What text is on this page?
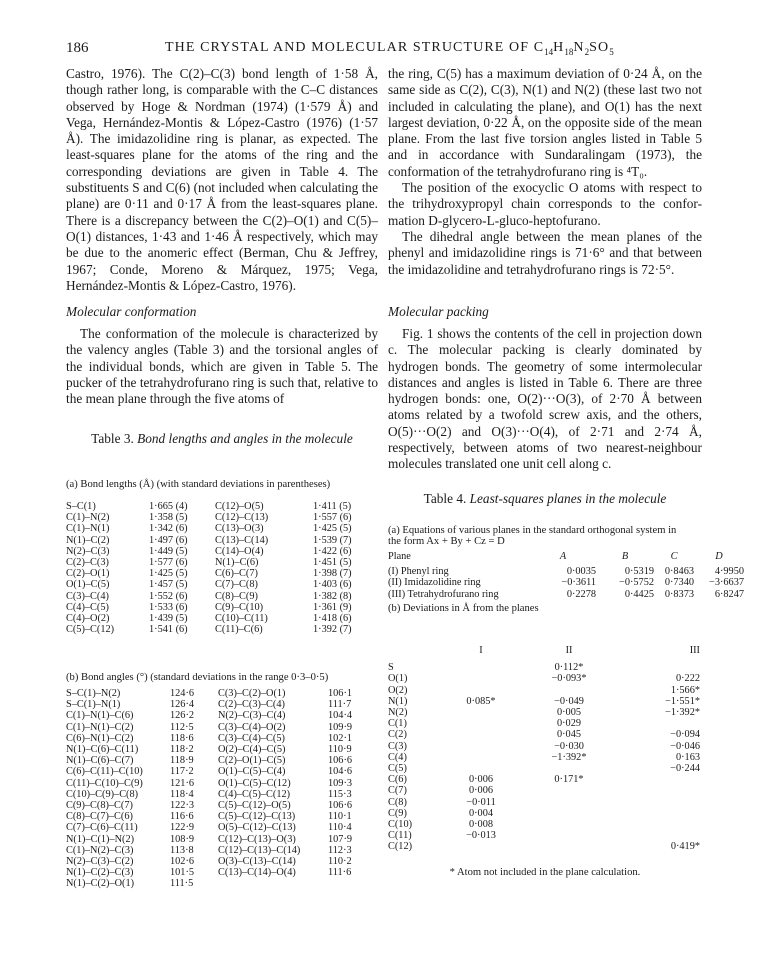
186	THE CRYSTAL AND MOLECULAR STRUCTURE OF $C_{14}H_{18}N_2SO_5$

Castro, 1976). The C(2)–C(3) bond length of 1·58 Å, though rather long, is comparable with the C–C distances observed by Hoge & Nordman (1974) (1·579 Å) and Vega, Hernández-Montis & López-Castro (1976) (1·57 Å). The imidazolidine ring is planar, as expected. The least-squares plane for the atoms of the ring and the corresponding deviations are given in Table 4. The substituents S and C(6) (not included when calculating the plane) are 0·11 and 0·17 Å from the least-squares plane. There is a discrepancy between the C(2)–O(1) and C(5)–O(1) distances, 1·43 and 1·46 Å respectively, which may be due to the anomeric effect (Berman, Chu & Jeffrey, 1967; Conde, Moreno & Márquez, 1975; Vega, Hernández-Montis & López-Castro, 1976).

the ring, C(5) has a maximum deviation of 0·24 Å, on the same side as C(2), C(3), N(1) and N(2) (these last two not included in calculating the plane), and O(1) has the next largest deviation, 0·22 Å, on the opposite side of the mean plane. From the last five torsion angles listed in Table 5 and in accordance with Sundaralingam (1973), the conformation of the tetrahydrofurano ring is ⁴T₀.

The position of the exocyclic O atoms with respect to the trihydroxypropyl chain corresponds to the confor-mation D-glycero-L-gluco-heptofurano.

The dihedral angle between the mean planes of the phenyl and imidazolidine rings is 71·6° and that between the imidazolidine and tetrahydrofurano rings is 72·5°.

Molecular conformation

The conformation of the molecule is characterized by the valency angles (Table 3) and the torsional angles of the individual bonds, which are given in Table 5. The pucker of the tetrahydrofurano ring is such that, relative to the mean plane through the five atoms of

Molecular packing

Fig. 1 shows the contents of the cell in projection down c. The molecular packing is clearly dominated by hydrogen bonds. The geometry of some intermolecular distances and angles is listed in Table 6. There are three hydrogen bonds: one, O(2)···O(3), of 2·70 Å between atoms related by a twofold screw axis, and the others, O(5)···O(2) and O(3)···O(4), of 2·71 and 2·74 Å, respectively, between atoms of two nearest-neighbour molecules translated one unit cell along c.

Table 3. Bond lengths and angles in the molecule
(a) Bond lengths (Å) (with standard deviations in parentheses)
S–C(1)	1·665 (4)	C(12)–O(5)	1·411 (5)
C(1)–N(2)	1·358 (5)	C(12)–C(13)	1·557 (6)
C(1)–N(1)	1·342 (6)	C(13)–O(3)	1·425 (5)
N(1)–C(2)	1·497 (6)	C(13)–C(14)	1·539 (7)
N(2)–C(3)	1·449 (5)	C(14)–O(4)	1·422 (6)
C(2)–C(3)	1·577 (6)	N(1)–C(6)	1·451 (5)
C(2)–O(1)	1·425 (5)	C(6)–C(7)	1·398 (7)
O(1)–C(5)	1·457 (5)	C(7)–C(8)	1·403 (6)
C(3)–C(4)	1·552 (6)	C(8)–C(9)	1·382 (8)
C(4)–C(5)	1·533 (6)	C(9)–C(10)	1·361 (9)
C(4)–O(2)	1·439 (5)	C(10)–C(11)	1·418 (6)
C(5)–C(12)	1·541 (6)	C(11)–C(6)	1·392 (7)
(b) Bond angles (°) (standard deviations in the range 0·3–0·5)
S–C(1)–N(2)	124·6	C(3)–C(2)–O(1)	106·1
S–C(1)–N(1)	126·4	C(2)–C(3)–C(4)	111·7
C(1)–N(1)–C(6)	126·2	N(2)–C(3)–C(4)	104·4
C(1)–N(1)–C(2)	112·5	C(3)–C(4)–O(2)	109·9
C(6)–N(1)–C(2)	118·6	C(3)–C(4)–C(5)	102·1
N(1)–C(6)–C(11)	118·2	O(2)–C(4)–C(5)	110·9
N(1)–C(6)–C(7)	118·9	C(2)–O(1)–C(5)	106·6
C(6)–C(11)–C(10)	117·2	O(1)–C(5)–C(4)	104·6
C(11)–C(10)–C(9)	121·6	O(1)–C(5)–C(12)	109·3
C(10)–C(9)–C(8)	118·4	C(4)–C(5)–C(12)	115·3
C(9)–C(8)–C(7)	122·3	C(5)–C(12)–O(5)	106·6
C(8)–C(7)–C(6)	116·6	C(5)–C(12)–C(13)	110·1
C(7)–C(6)–C(11)	122·9	O(5)–C(12)–C(13)	110·4
N(1)–C(1)–N(2)	108·9	C(12)–C(13)–O(3)	107·9
C(1)–N(2)–C(3)	113·8	C(12)–C(13)–C(14)	112·3
N(2)–C(3)–C(2)	102·6	O(3)–C(13)–C(14)	110·2
N(1)–C(2)–C(3)	101·5	C(13)–C(14)–O(4)	111·6
N(1)–C(2)–O(1)	111·5		
Table 4. Least-squares planes in the molecule
(a) Equations of various planes in the standard orthogonal system in the form Ax + By + Cz = D
Plane	A	B	C	D
(I) Phenyl ring	0·0035	0·5319	0·8463	4·9950
(II) Imidazolidine ring	−0·3611	−0·5752	0·7340	−3·6637
(III) Tetrahydrofurano ring	0·2278	0·4425	0·8373	6·8247
(b) Deviations in Å from the planes
	I	II	III
S		0·112*	
O(1)		−0·093*	0·222
O(2)			1·566*
N(1)	0·085*	−0·049	−1·551*
N(2)		0·005	−1·392*
C(1)		0·029	
C(2)		0·045	−0·094
C(3)		−0·030	−0·046
C(4)		−1·392*	0·163
C(5)			−0·244
C(6)	0·006	0·171*	
C(7)	0·006		
C(8)	−0·011		
C(9)	0·004		
C(10)	0·008		
C(11)	−0·013		
C(12)			0·419*
* Atom not included in the plane calculation.
